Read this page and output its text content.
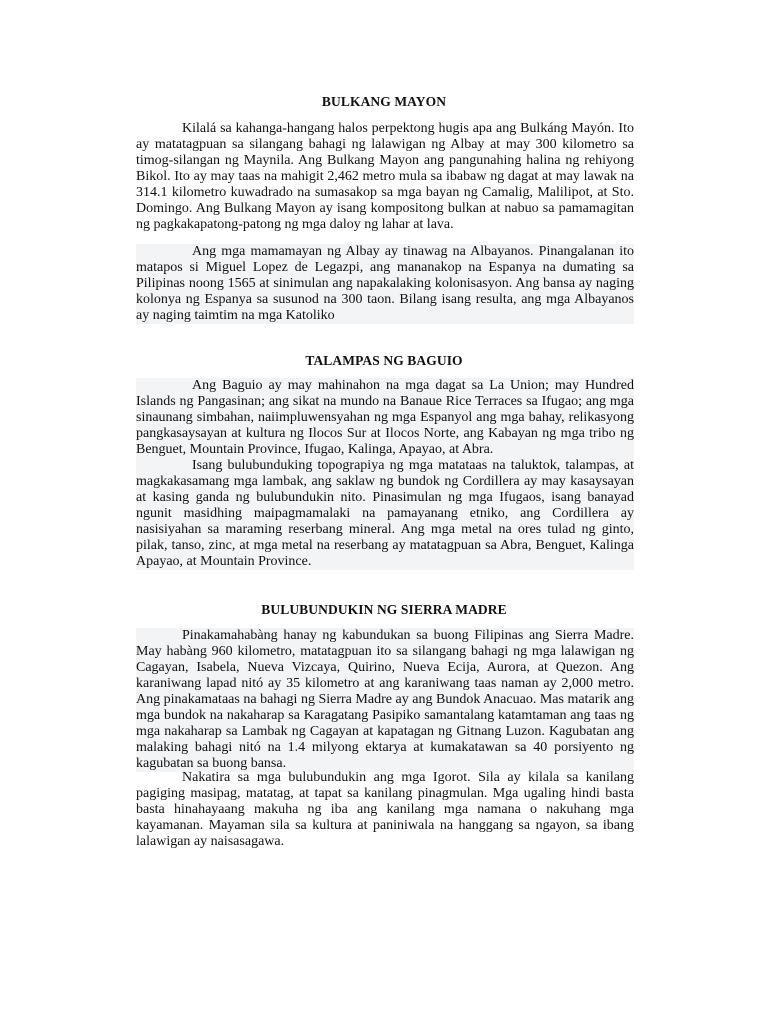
BULKANG MAYON

Kilalá sa kahanga-hangang halos perpektong hugis apa ang Bulkáng Mayón. Ito ay matatagpuan sa silangang bahagi ng lalawigan ng Albay at may 300 kilometro sa timog-silangan ng Maynila. Ang Bulkang Mayon ang pangunahing halina ng rehiyong Bikol. Ito ay may taas na mahigit 2,462 metro mula sa ibabaw ng dagat at may lawak na 314.1 kilometro kuwadrado na sumasakop sa mga bayan ng Camalig, Malilipot, at Sto. Domingo. Ang Bulkang Mayon ay isang kompositong bulkan at nabuo sa pamamagitan ng pagkakapatong-patong ng mga daloy ng lahar at lava.

Ang mga mamamayan ng Albay ay tinawag na Albayanos. Pinangalanan ito matapos si Miguel Lopez de Legazpi, ang mananakop na Espanya na dumating sa Pilipinas noong 1565 at sinimulan ang napakalaking kolonisasyon. Ang bansa ay naging kolonya ng Espanya sa susunod na 300 taon. Bilang isang resulta, ang mga Albayanos ay naging taimtim na mga Katoliko

TALAMPAS NG BAGUIO

Ang Baguio ay may mahinahon na mga dagat sa La Union; may Hundred Islands ng Pangasinan; ang sikat na mundo na Banaue Rice Terraces sa Ifugao; ang mga sinaunang simbahan, naiimpluwensyahan ng mga Espanyol ang mga bahay, relikasyong pangkasaysayan at kultura ng Ilocos Sur at Ilocos Norte, ang Kabayan ng mga tribo ng Benguet, Mountain Province, Ifugao, Kalinga, Apayao, at Abra.

Isang bulubunduking topograpiya ng mga matataas na taluktok, talampas, at magkakasamang mga lambak, ang saklaw ng bundok ng Cordillera ay may kasaysayan at kasing ganda ng bulubundukin nito. Pinasimulan ng mga Ifugaos, isang banayad ngunit masidhing maipagmamalaki na pamayanang etniko, ang Cordillera ay nasisiyahan sa maraming reserbang mineral. Ang mga metal na ores tulad ng ginto, pilak, tanso, zinc, at mga metal na reserbang ay matatagpuan sa Abra, Benguet, Kalinga Apayao, at Mountain Province.

BULUBUNDUKIN NG SIERRA MADRE

Pinakamahabàng hanay ng kabundukan sa buong Filipinas ang Sierra Madre. May habàng 960 kilometro, matatagpuan ito sa silangang bahagi ng mga lalawigan ng Cagayan, Isabela, Nueva Vizcaya, Quirino, Nueva Ecija, Aurora, at Quezon. Ang karaniwang lapad nitó ay 35 kilometro at ang karaniwang taas naman ay 2,000 metro. Ang pinakamataas na bahagi ng Sierra Madre ay ang Bundok Anacuao. Mas matarik ang mga bundok na nakaharap sa Karagatang Pasipiko samantalang katamtaman ang taas ng mga nakaharap sa Lambak ng Cagayan at kapatagan ng Gitnang Luzon. Kagubatan ang malaking bahagi nitó na 1.4 milyong ektarya at kumakatawan sa 40 porsiyento ng kagubatan sa buong bansa.

Nakatira sa mga bulubundukin ang mga Igorot. Sila ay kilala sa kanilang pagiging masipag, matatag, at tapat sa kanilang pinagmulan. Mga ugaling hindi basta basta hinahayaang makuha ng iba ang kanilang mga namana o nakuhang mga kayamanan. Mayaman sila sa kultura at paniniwala na hanggang sa ngayon, sa ibang lalawigan ay naisasagawa.
